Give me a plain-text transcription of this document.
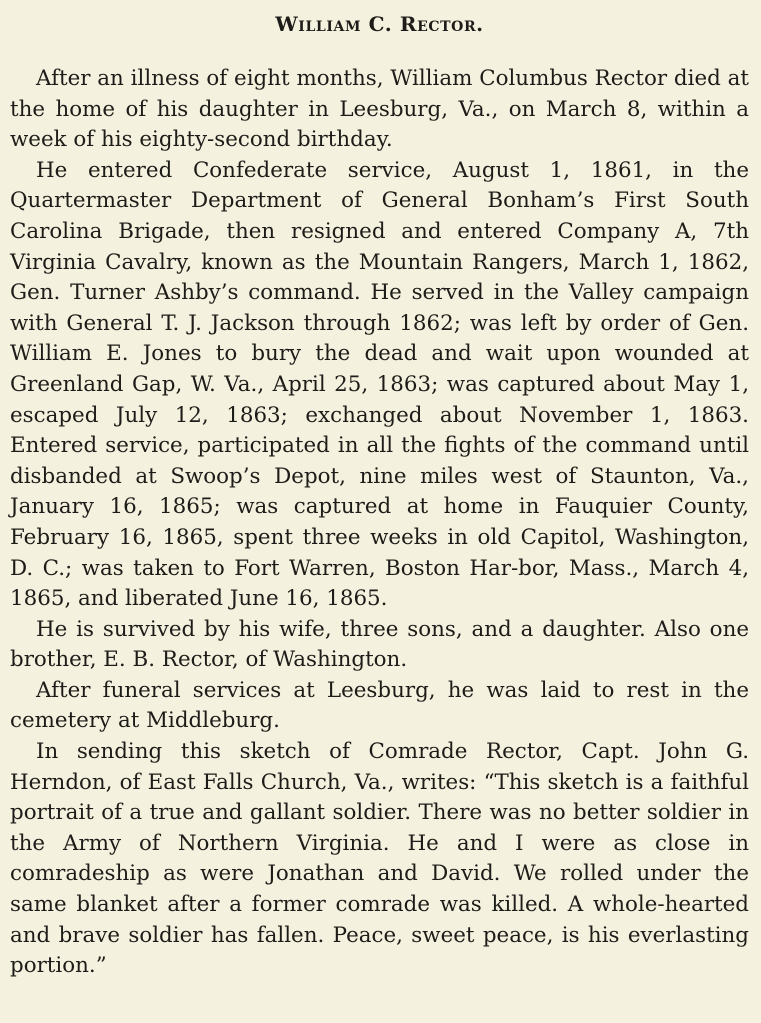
William C. Rector.

After an illness of eight months, William Columbus Rector died at the home of his daughter in Leesburg, Va., on March 8, within a week of his eighty-second birthday.

He entered Confederate service, August 1, 1861, in the Quartermaster Department of General Bonham’s First South Carolina Brigade, then resigned and entered Company A, 7th Virginia Cavalry, known as the Mountain Rangers, March 1, 1862, Gen. Turner Ashby’s command. He served in the Valley campaign with General T. J. Jackson through 1862; was left by order of Gen. William E. Jones to bury the dead and wait upon wounded at Greenland Gap, W. Va., April 25, 1863; was captured about May 1, escaped July 12, 1863; exchanged about November 1, 1863. Entered service, participated in all the fights of the command until disbanded at Swoop’s Depot, nine miles west of Staunton, Va., January 16, 1865; was captured at home in Fauquier County, February 16, 1865, spent three weeks in old Capitol, Washington, D. C.; was taken to Fort Warren, Boston Har-bor, Mass., March 4, 1865, and liberated June 16, 1865.

He is survived by his wife, three sons, and a daughter. Also one brother, E. B. Rector, of Washington.

After funeral services at Leesburg, he was laid to rest in the cemetery at Middleburg.

In sending this sketch of Comrade Rector, Capt. John G. Herndon, of East Falls Church, Va., writes: “This sketch is a faithful portrait of a true and gallant soldier. There was no better soldier in the Army of Northern Virginia. He and I were as close in comradeship as were Jonathan and David. We rolled under the same blanket after a former comrade was killed. A whole-hearted and brave soldier has fallen. Peace, sweet peace, is his everlasting portion.”
